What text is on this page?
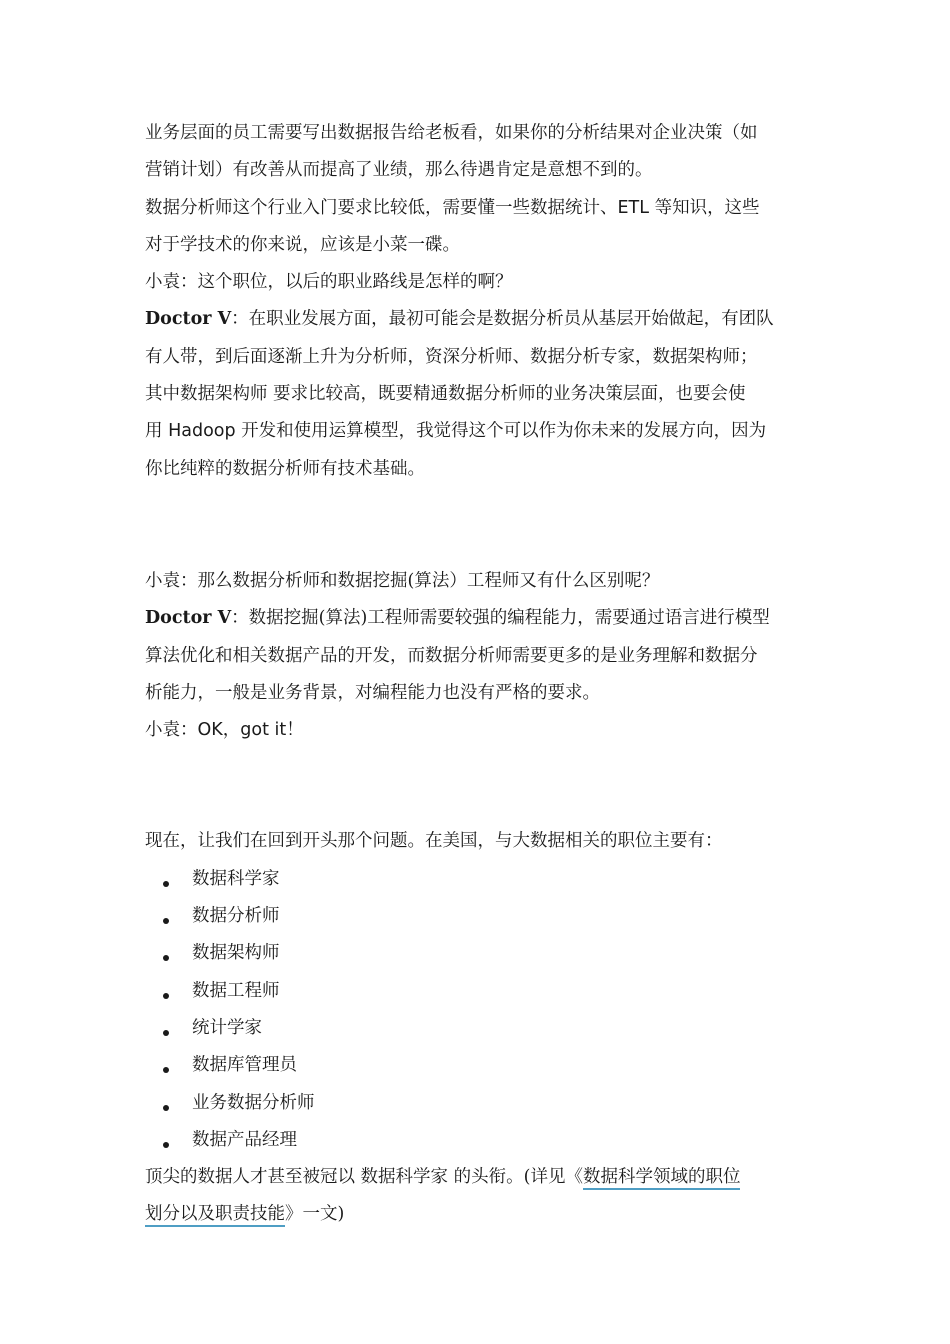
业务层面的员工需要写出数据报告给老板看，如果你的分析结果对企业决策（如
营销计划）有改善从而提高了业绩，那么待遇肯定是意想不到的。

数据分析师这个行业入门要求比较低，需要懂一些数据统计、ETL 等知识，这些
对于学技术的你来说，应该是小菜一碟。

小袁：这个职位，以后的职业路线是怎样的啊？

Doctor V：在职业发展方面，最初可能会是数据分析员从基层开始做起，有团队
有人带，到后面逐渐上升为分析师，资深分析师、数据分析专家，数据架构师；
其中数据架构师 要求比较高，既要精通数据分析师的业务决策层面，也要会使
用 Hadoop 开发和使用运算模型，我觉得这个可以作为你未来的发展方向，因为
你比纯粹的数据分析师有技术基础。

小袁：那么数据分析师和数据挖掘(算法）工程师又有什么区别呢？

Doctor V：数据挖掘(算法)工程师需要较强的编程能力，需要通过语言进行模型
算法优化和相关数据产品的开发，而数据分析师需要更多的是业务理解和数据分
析能力，一般是业务背景，对编程能力也没有严格的要求。

小袁：OK，got it！

现在，让我们在回到开头那个问题。在美国，与大数据相关的职位主要有：

数据科学家
数据分析师
数据架构师
数据工程师
统计学家
数据库管理员
业务数据分析师
数据产品经理

顶尖的数据人才甚至被冠以 数据科学家 的头衔。(详见《数据科学领域的职位
划分以及职责技能》一文)
